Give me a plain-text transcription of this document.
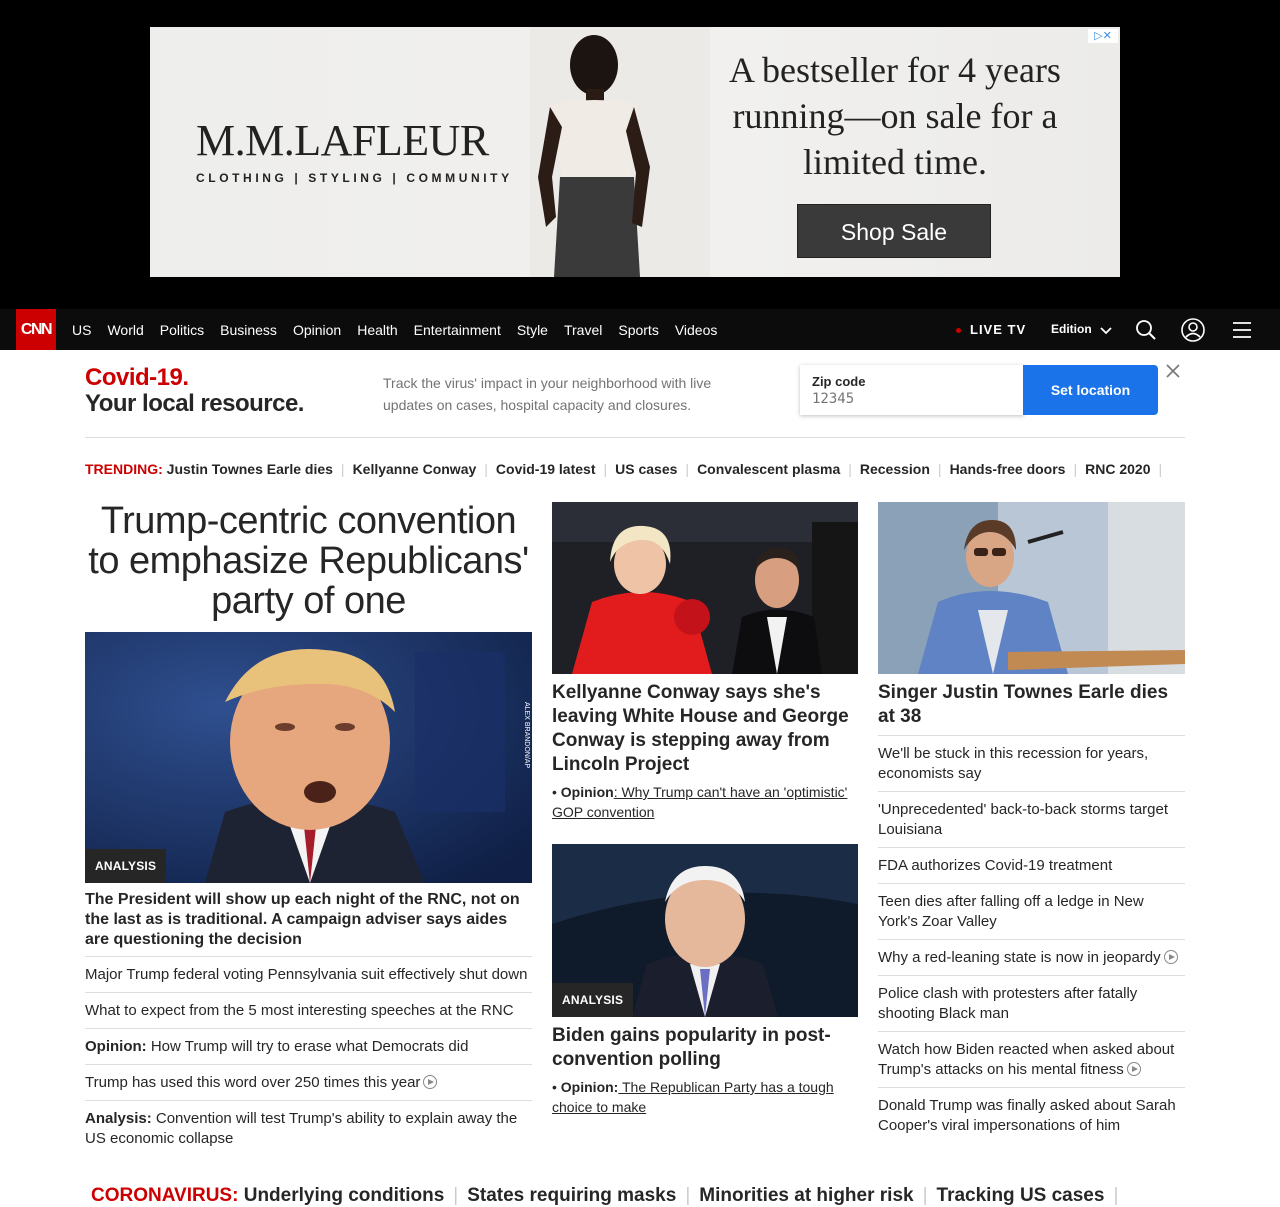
M.M.LAFLEUR
CLOTHING | STYLING | COMMUNITY
A bestseller for 4 years running—on sale for a limited time.
Shop Sale
▷✕
CNN	US World Politics Business Opinion Health Entertainment Style Travel Sports Videos	LIVE TV Edition
Covid-19.
Your local resource.
Track the virus' impact in your neighborhood with live updates on cases, hospital capacity and closures.
Zip code
12345
Set location
TRENDING: Justin Townes Earle dies | Kellyanne Conway | Covid-19 latest | US cases | Convalescent plasma | Recession | Hands-free doors | RNC 2020 |
Trump-centric convention to emphasize Republicans' party of one
ALEX BRANDON/AP
ANALYSIS
The President will show up each night of the RNC, not on the last as is traditional. A campaign adviser says aides are questioning the decision
Major Trump federal voting Pennsylvania suit effectively shut down
What to expect from the 5 most interesting speeches at the RNC
Opinion: How Trump will try to erase what Democrats did
Trump has used this word over 250 times this year
Analysis: Convention will test Trump's ability to explain away the US economic collapse
Kellyanne Conway says she's leaving White House and George Conway is stepping away from Lincoln Project
• Opinion: Why Trump can't have an 'optimistic' GOP convention
ANALYSIS
Biden gains popularity in post-convention polling
• Opinion: The Republican Party has a tough choice to make
Singer Justin Townes Earle dies at 38
We'll be stuck in this recession for years, economists say
'Unprecedented' back-to-back storms target Louisiana
FDA authorizes Covid-19 treatment
Teen dies after falling off a ledge in New York's Zoar Valley
Why a red-leaning state is now in jeopardy
Police clash with protesters after fatally shooting Black man
Watch how Biden reacted when asked about Trump's attacks on his mental fitness
Donald Trump was finally asked about Sarah Cooper's viral impersonations of him
CORONAVIRUS: Underlying conditions | States requiring masks | Minorities at higher risk | Tracking US cases |
